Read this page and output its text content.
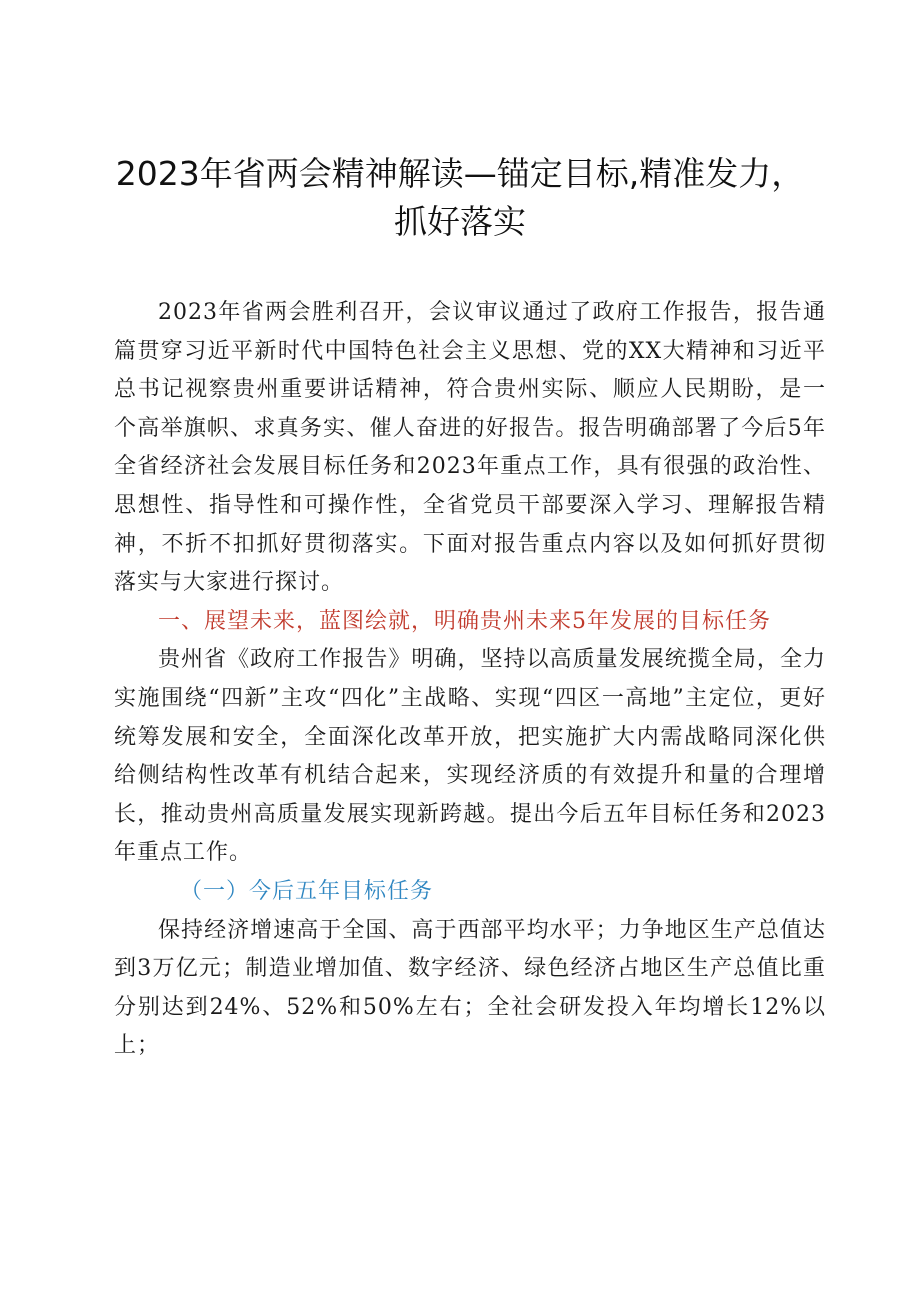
2023年省两会精神解读—锚定目标,精准发力，抓好落实

2023年省两会胜利召开，会议审议通过了政府工作报告，报告通篇贯穿习近平新时代中国特色社会主义思想、党的XX大精神和习近平总书记视察贵州重要讲话精神，符合贵州实际、顺应人民期盼，是一个高举旗帜、求真务实、催人奋进的好报告。报告明确部署了今后5年全省经济社会发展目标任务和2023年重点工作，具有很强的政治性、思想性、指导性和可操作性，全省党员干部要深入学习、理解报告精神，不折不扣抓好贯彻落实。下面对报告重点内容以及如何抓好贯彻落实与大家进行探讨。

一、展望未来，蓝图绘就，明确贵州未来5年发展的目标任务

贵州省《政府工作报告》明确，坚持以高质量发展统揽全局，全力实施围绕“四新”主攻“四化”主战略、实现“四区一高地”主定位，更好统筹发展和安全，全面深化改革开放，把实施扩大内需战略同深化供给侧结构性改革有机结合起来，实现经济质的有效提升和量的合理增长，推动贵州高质量发展实现新跨越。提出今后五年目标任务和2023年重点工作。

（一）今后五年目标任务

保持经济增速高于全国、高于西部平均水平；力争地区生产总值达到3万亿元；制造业增加值、数字经济、绿色经济占地区生产总值比重分别达到24%、52%和50%左右；全社会研发投入年均增长12%以上；
